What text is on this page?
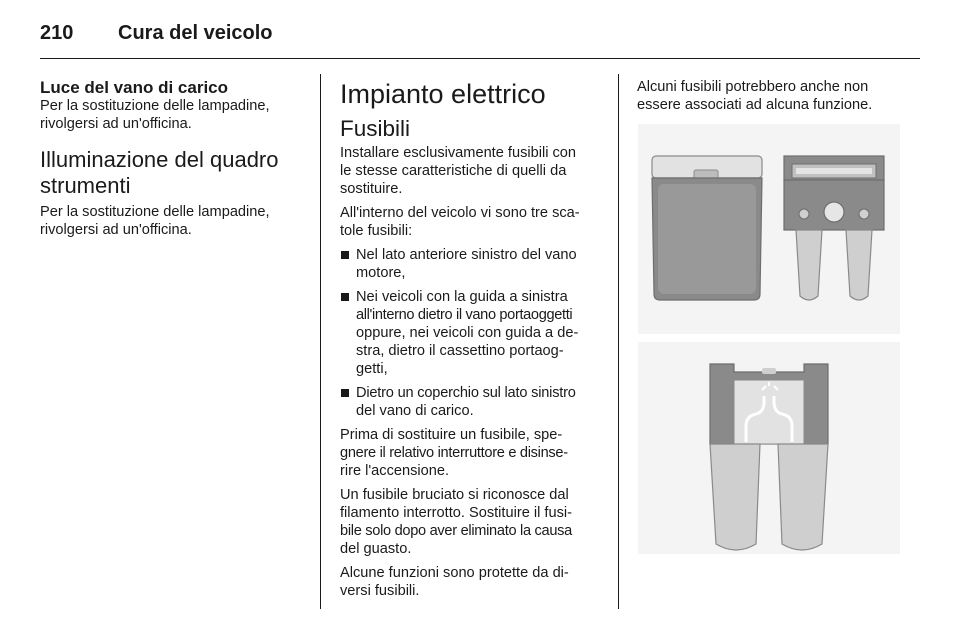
210 Cura del veicolo
Luce del vano di carico

Per la sostituzione delle lampadine,
rivolgersi ad un'officina.

Illuminazione del quadro
strumenti

Per la sostituzione delle lampadine,
rivolgersi ad un'officina.

Impianto elettrico
Fusibili

Installare esclusivamente fusibili con
le stesse caratteristiche di quelli da
sostituire.

All'interno del veicolo vi sono tre sca-
tole fusibili:

Nel lato anteriore sinistro del vano
motore,
Nei veicoli con la guida a sinistra
all'interno dietro il vano portaoggetti
oppure, nei veicoli con guida a de-
stra, dietro il cassettino portaog-
getti,
Dietro un coperchio sul lato sinistro
del vano di carico.

Prima di sostituire un fusibile, spe-
gnere il relativo interruttore e disinse-
rire l'accensione.

Un fusibile bruciato si riconosce dal
filamento interrotto. Sostituire il fusi-
bile solo dopo aver eliminato la causa
del guasto.

Alcune funzioni sono protette da di-
versi fusibili.

Alcuni fusibili potrebbero anche non
essere associati ad alcuna funzione.
